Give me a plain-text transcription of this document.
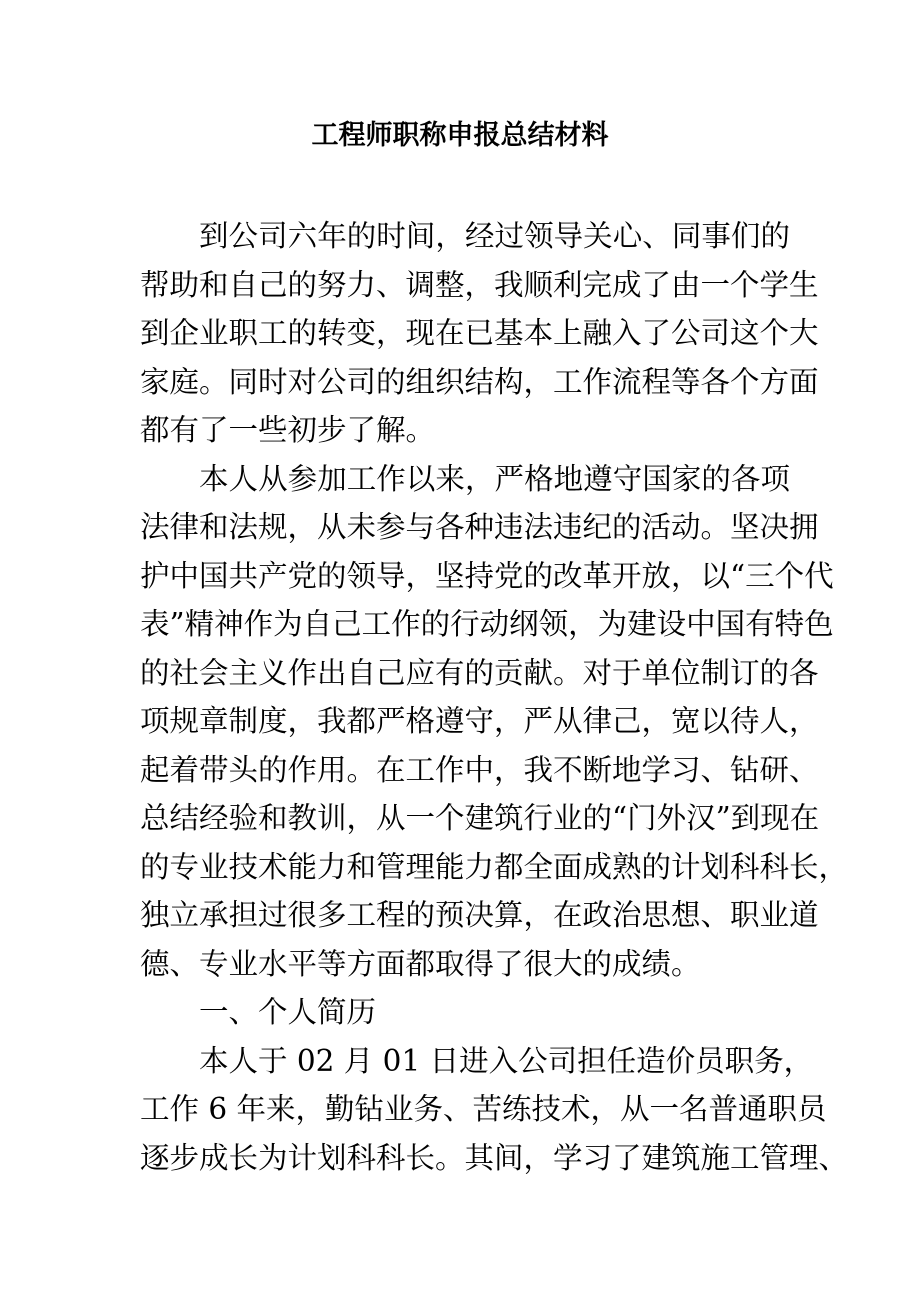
工程师职称申报总结材料

到公司六年的时间，经过领导关心、同事们的
帮助和自己的努力、调整，我顺利完成了由一个学生
到企业职工的转变，现在已基本上融入了公司这个大
家庭。同时对公司的组织结构，工作流程等各个方面
都有了一些初步了解。

本人从参加工作以来，严格地遵守国家的各项
法律和法规，从未参与各种违法违纪的活动。坚决拥
护中国共产党的领导，坚持党的改革开放，以“三个代
表”精神作为自己工作的行动纲领，为建设中国有特色
的社会主义作出自己应有的贡献。对于单位制订的各
项规章制度，我都严格遵守，严从律己，宽以待人，
起着带头的作用。在工作中，我不断地学习、钻研、
总结经验和教训，从一个建筑行业的“门外汉”到现在
的专业技术能力和管理能力都全面成熟的计划科科长，
独立承担过很多工程的预决算，在政治思想、职业道
德、专业水平等方面都取得了很大的成绩。

一、个人简历

本人于 02 月 01 日进入公司担任造价员职务，
工作 6 年来，勤钻业务、苦练技术，从一名普通职员
逐步成长为计划科科长。其间，学习了建筑施工管理、
